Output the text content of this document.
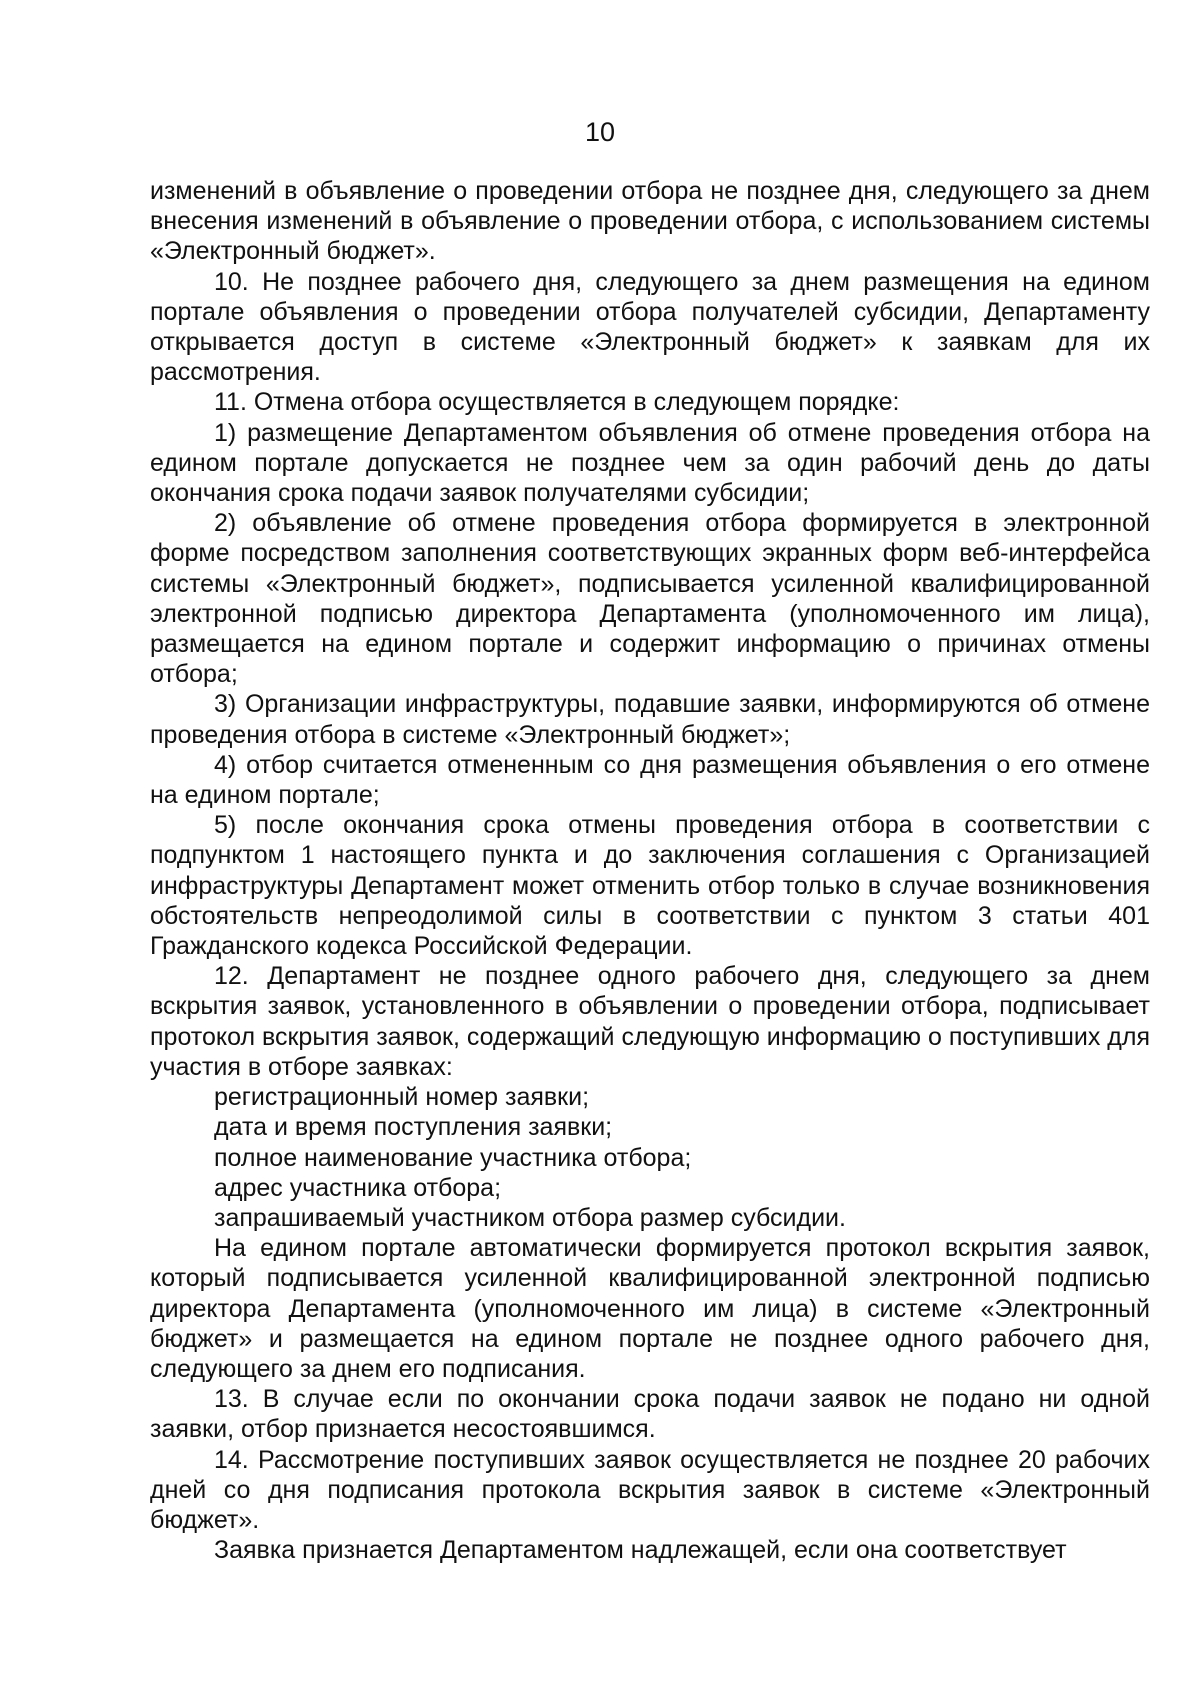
10

изменений в объявление о проведении отбора не позднее дня, следующего за днем внесения изменений в объявление о проведении отбора, с использованием системы «Электронный бюджет».

10. Не позднее рабочего дня, следующего за днем размещения на едином портале объявления о проведении отбора получателей субсидии, Департаменту открывается доступ в системе «Электронный бюджет» к заявкам для их рассмотрения.

11. Отмена отбора осуществляется в следующем порядке:

1) размещение Департаментом объявления об отмене проведения отбора на едином портале допускается не позднее чем за один рабочий день до даты окончания срока подачи заявок получателями субсидии;

2) объявление об отмене проведения отбора формируется в электронной форме посредством заполнения соответствующих экранных форм веб-интерфейса системы «Электронный бюджет», подписывается усиленной квалифицированной электронной подписью директора Департамента (уполномоченного им лица), размещается на едином портале и содержит информацию о причинах отмены отбора;

3) Организации инфраструктуры, подавшие заявки, информируются об отмене проведения отбора в системе «Электронный бюджет»;

4) отбор считается отмененным со дня размещения объявления о его отмене на едином портале;

5) после окончания срока отмены проведения отбора в соответствии с подпунктом 1 настоящего пункта и до заключения соглашения с Организацией инфраструктуры Департамент может отменить отбор только в случае возникновения обстоятельств непреодолимой силы в соответствии с пунктом 3 статьи 401 Гражданского кодекса Российской Федерации.

12. Департамент не позднее одного рабочего дня, следующего за днем вскрытия заявок, установленного в объявлении о проведении отбора, подписывает протокол вскрытия заявок, содержащий следующую информацию о поступивших для участия в отборе заявках:

регистрационный номер заявки;

дата и время поступления заявки;

полное наименование участника отбора;

адрес участника отбора;

запрашиваемый участником отбора размер субсидии.

На едином портале автоматически формируется протокол вскрытия заявок, который подписывается усиленной квалифицированной электронной подписью директора Департамента (уполномоченного им лица) в системе «Электронный бюджет» и размещается на едином портале не позднее одного рабочего дня, следующего за днем его подписания.

13. В случае если по окончании срока подачи заявок не подано ни одной заявки, отбор признается несостоявшимся.

14. Рассмотрение поступивших заявок осуществляется не позднее 20 рабочих дней со дня подписания протокола вскрытия заявок в системе «Электронный бюджет».

Заявка признается Департаментом надлежащей, если она соответствует
